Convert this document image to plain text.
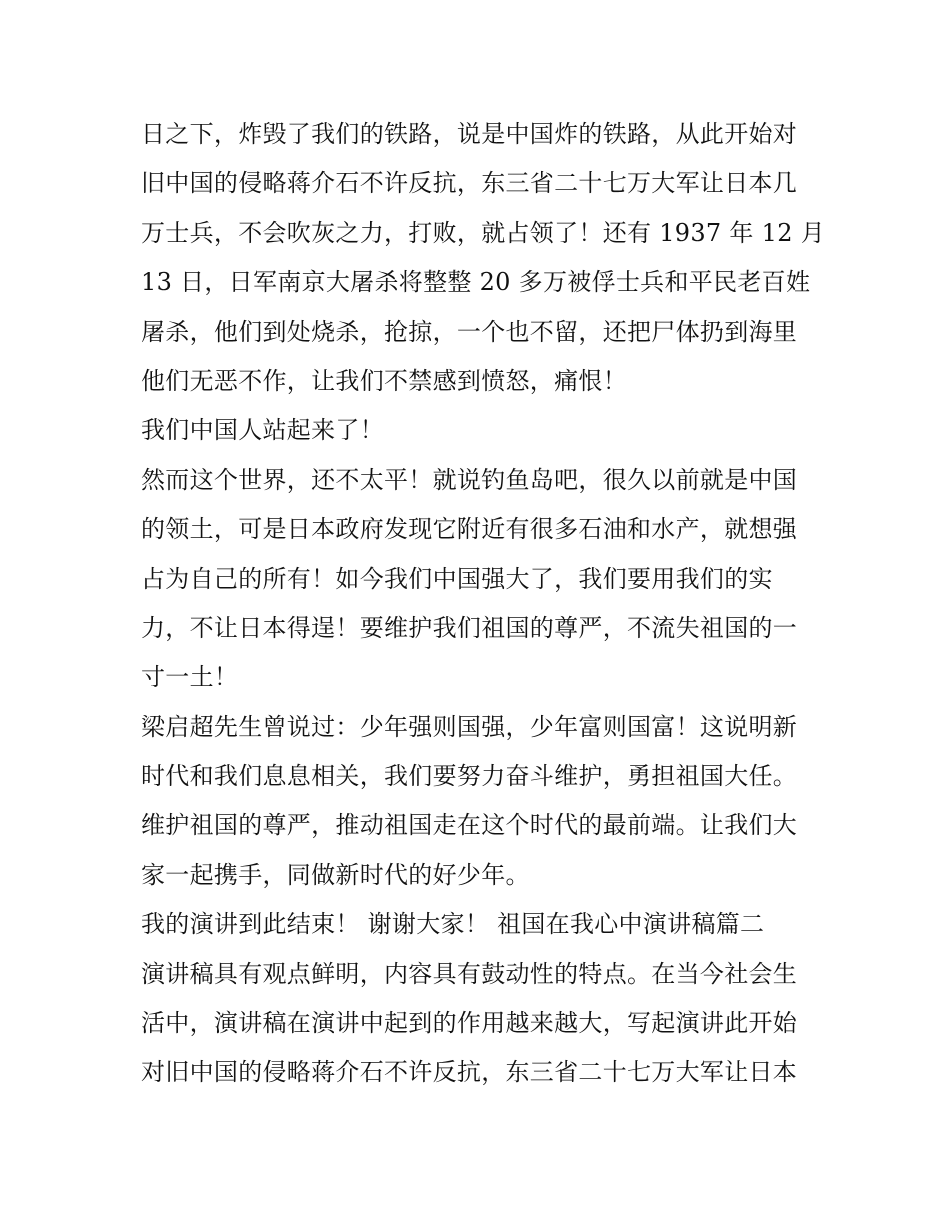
日之下，炸毁了我们的铁路，说是中国炸的铁路，从此开始对
旧中国的侵略蒋介石不许反抗，东三省二十七万大军让日本几
万士兵，不会吹灰之力，打败，就占领了！还有 1937 年 12 月
13 日，日军南京大屠杀将整整 20 多万被俘士兵和平民老百姓
屠杀，他们到处烧杀，抢掠，一个也不留，还把尸体扔到海里
他们无恶不作，让我们不禁感到愤怒，痛恨！
我们中国人站起来了！
然而这个世界，还不太平！就说钓鱼岛吧，很久以前就是中国
的领土，可是日本政府发现它附近有很多石油和水产，就想强
占为自己的所有！如今我们中国强大了，我们要用我们的实
力，不让日本得逞！要维护我们祖国的尊严，不流失祖国的一
寸一土！
梁启超先生曾说过：少年强则国强，少年富则国富！这说明新
时代和我们息息相关，我们要努力奋斗维护，勇担祖国大任。
维护祖国的尊严，推动祖国走在这个时代的最前端。让我们大
家一起携手，同做新时代的好少年。
我的演讲到此结束！ 谢谢大家！ 祖国在我心中演讲稿篇二
演讲稿具有观点鲜明，内容具有鼓动性的特点。在当今社会生
活中，演讲稿在演讲中起到的作用越来越大，写起演讲此开始
对旧中国的侵略蒋介石不许反抗，东三省二十七万大军让日本
